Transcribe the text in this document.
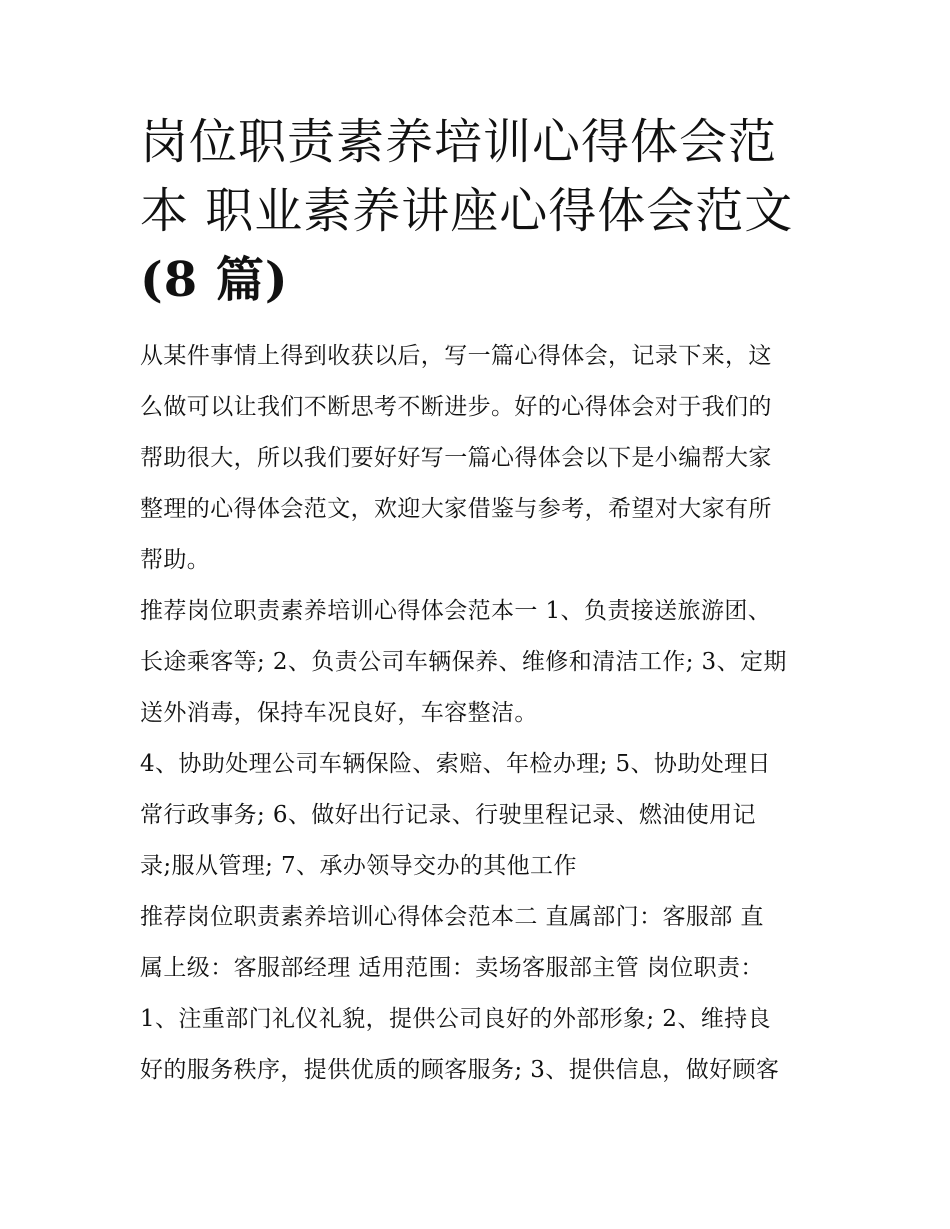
岗位职责素养培训心得体会范
本 职业素养讲座心得体会范文
(8 篇)

从某件事情上得到收获以后，写一篇心得体会，记录下来，这
么做可以让我们不断思考不断进步。好的心得体会对于我们的
帮助很大，所以我们要好好写一篇心得体会以下是小编帮大家
整理的心得体会范文，欢迎大家借鉴与参考，希望对大家有所
帮助。

推荐岗位职责素养培训心得体会范本一 1、负责接送旅游团、
长途乘客等; 2、负责公司车辆保养、维修和清洁工作; 3、定期
送外消毒，保持车况良好，车容整洁。

4、协助处理公司车辆保险、索赔、年检办理; 5、协助处理日
常行政事务; 6、做好出行记录、行驶里程记录、燃油使用记
录;服从管理; 7、承办领导交办的其他工作

推荐岗位职责素养培训心得体会范本二 直属部门：客服部 直
属上级：客服部经理 适用范围：卖场客服部主管 岗位职责：
1、注重部门礼仪礼貌，提供公司良好的外部形象; 2、维持良
好的服务秩序，提供优质的顾客服务; 3、提供信息，做好顾客
